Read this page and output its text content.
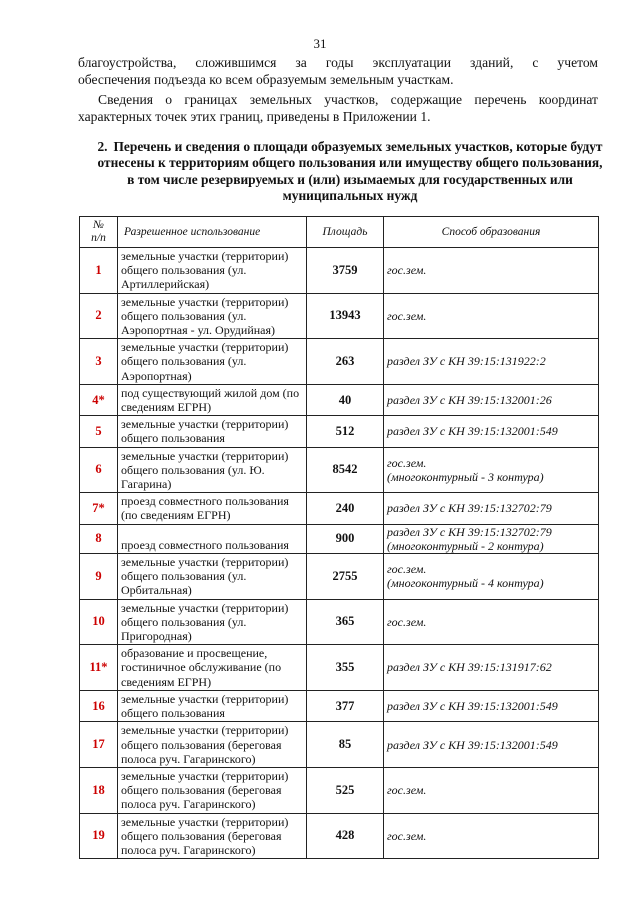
31

благоустройства, сложившимся за годы эксплуатации зданий, с учетом
обеспечения подъезда ко всем образуемым земельным участкам.

Сведения о границах земельных участков, содержащие перечень координат характерных точек этих границ, приведены в Приложении 1.

2. Перечень и сведения о площади образуемых земельных участков, которые будут отнесены к территориям общего пользования или имуществу общего пользования, в том числе резервируемых и (или) изымаемых для государственных или муниципальных нужд

№
п/п	Разрешенное использование	Площадь	Способ образования
1	земельные участки (территории) общего пользования (ул. Артиллерийская)	3759	гос.зем.

2	земельные участки (территории) общего пользования (ул. Аэропортная - ул. Орудийная)	13943	гос.зем.

3	земельные участки (территории) общего пользования (ул. Аэропортная)	263	раздел ЗУ с КН 39:15:131922:2

4*	под существующий жилой дом (по сведениям ЕГРН)	40	раздел ЗУ с КН 39:15:132001:26

5	земельные участки (территории) общего пользования	512	раздел ЗУ с КН 39:15:132001:549

6	земельные участки (территории) общего пользования (ул. Ю. Гагарина)	8542	гос.зем.
(многоконтурный - 3 контура)

7*	проезд совместного пользования (по сведениям ЕГРН)	240	раздел ЗУ с КН 39:15:132702:79

8	проезд совместного пользования	900	раздел ЗУ с КН 39:15:132702:79
(многоконтурный - 2 контура)

9	земельные участки (территории) общего пользования (ул. Орбитальная)	2755	гос.зем.
(многоконтурный - 4 контура)

10	земельные участки (территории) общего пользования (ул. Пригородная)	365	гос.зем.

11*	образование и просвещение, гостиничное обслуживание (по сведениям ЕГРН)	355	раздел ЗУ с КН 39:15:131917:62

16	земельные участки (территории) общего пользования	377	раздел ЗУ с КН 39:15:132001:549

17	земельные участки (территории) общего пользования (береговая полоса руч. Гагаринского)	85	раздел ЗУ с КН 39:15:132001:549

18	земельные участки (территории) общего пользования (береговая полоса руч. Гагаринского)	525	гос.зем.

19	земельные участки (территории) общего пользования (береговая полоса руч. Гагаринского)	428	гос.зем.
